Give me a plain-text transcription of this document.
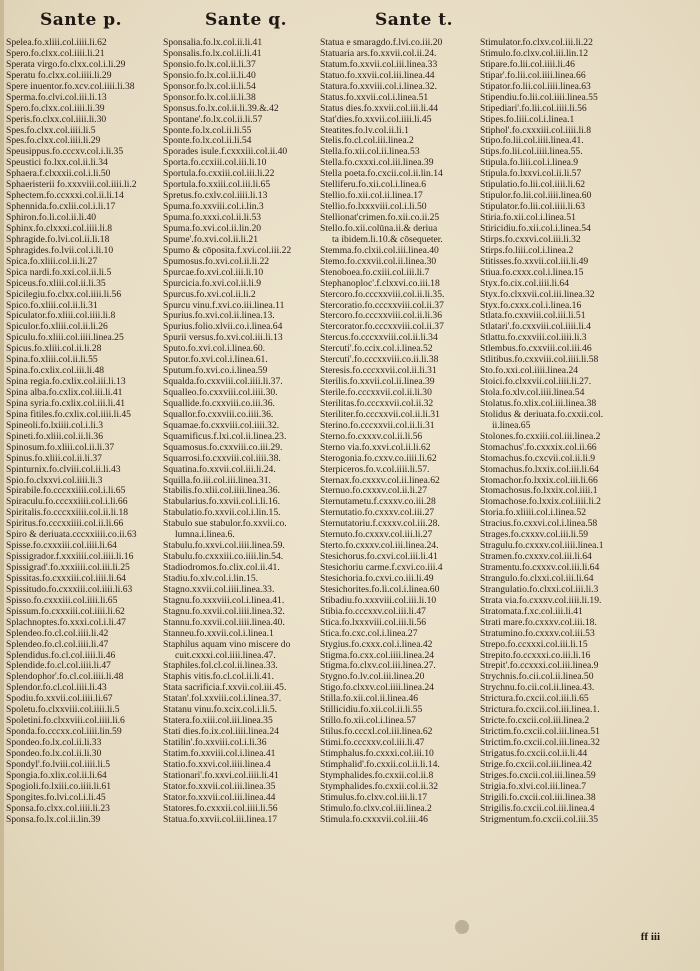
Sante p.	Sante q.	Sante t.
Spelea.fo.xliii.col.iiii.li.62
Spero.fo.clxx.col.iiii.li.21
Sperata virgo.fo.clxx.col.i.li.29
Speratu fo.clxx.col.iiii.li.29
Spere inuentor.fo.xcv.col.iiii.li.38
Sperma.fo.clvi.col.iii.li.13
Spero.fo.clxx.col.iiii.li.39
Speris.fo.clxx.col.iiii.li.30
Spes.fo.clxx.col.iiii.li.5
Spes.fo.clxx.col.iiii.li.29
Speusippus.fo.cccxv.col.i.li.35
Speustici fo.lxx.col.ii.li.34
Sphaera.f.clxxxii.col.i.li.50
Sphaeristerii fo.xxxviii.col.iiii.li.2
Sphectem.fo.ccxxxi.col.ii.li.14
Sphennida.fo.cxlii.col.i.li.17
Sphiron.fo.li.col.ii.li.40
Sphinx.fo.clxxxi.col.iiii.li.8
Sphragide.fo.lvi.col.ii.li.18
Sphragides.fo.lvii.col.i.li.10
Spica.fo.xliii.col.ii.li.27
Spica nardi.fo.xxi.col.ii.li.5
Spiceus.fo.xliii.col.ii.li.35
Spicilegiu.fo.clxx.col.iiii.li.56
Spico.fo.xliii.col.ii.li.31
Spiculator.fo.xliii.col.iiii.li.8
Spiculor.fo.xliii.col.ii.li.26
Spiculu.fo.xliii.col.iiii.linea.25
Spicus.fo.xliii.col.ii.li.28
Spina.fo.xliii.col.ii.li.55
Spina.fo.cxlix.col.iii.li.48
Spina regia.fo.cxlix.col.iii.li.13
Spina alba.fo.cxlix.col.iii.li.41
Spina syria.fo.cxlix.col.iii.li.41
Spina fitiles.fo.cxlix.col.iiii.li.45
Spineoli.fo.lxiiii.col.i.li.3
Spineti.fo.xliii.col.ii.li.36
Spinosum.fo.xliii.col.ii.li.37
Spinus.fo.xliii.col.ii.li.37
Spinturnix.fo.clviii.col.ii.li.43
Spio.fo.clxxvi.col.iiii.li.3
Spirabile.fo.cccxxiiii.col.i.li.65
Spiraculu.fo.cccxxiiii.col.i.li.66
Spiritalis.fo.cccxxiiii.col.ii.li.18
Spiritus.fo.cccxxiiii.col.ii.li.66
Spiro & deriuata.cccxxiiii.co.ii.63
Spisse.fo.cxxxiii.col.iiii.li.64
Spissigrador.f.xxxiiii.col.iiii.li.16
Spissigrad'.fo.xxxiiii.col.iii.li.25
Spissitas.fo.cxxxiii.col.iiii.li.64
Spissitudo.fo.cxxxiii.col.iiii.li.63
Spisso.fo.cxxxiii.col.iiii.li.65
Spissum.fo.cxxxiii.col.iiii.li.62
Splachnoptes.fo.xxxi.col.i.li.47
Splendeo.fo.cl.col.iiii.li.42
Splendeo.fo.cl.col.iiii.li.47
Splendidus.fo.cl.col.iiii.li.46
Splendide.fo.cl.col.iiii.li.47
Splendophor'.fo.cl.col.iiii.li.48
Splendor.fo.cl.col.iiii.li.43
Spodiu.fo.xxvii.col.iiii.li.67
Spoletu.fo.clxxviii.col.iiii.li.5
Spoletini.fo.clxxviii.col.iiii.li.6
Sponda.fo.cccxx.col.iiii.lin.59
Spondeo.fo.lx.col.ii.li.33
Spondeo.fo.lx.col.ii.li.30
Spondyl'.fo.lviii.col.iiii.li.5
Spongia.fo.xlix.col.ii.li.64
Spogioli.fo.lxiii.co.iiii.li.61
Spongites.fo.lvi.col.i.li.45
Sponsa.fo.clxx.col.iiii.li.23
Sponsa.fo.lx.col.ii.lin.39
Sponsalia.fo.lx.col.ii.li.41
Sponsalis.fo.lx.col.ii.li.41
Sponsio.fo.lx.col.ii.li.37
Sponsio.fo.lx.col.ii.li.40
Sponsor.fo.lx.col.ii.li.54
Sponsor.fo.lx.col.ii.li.38
Sponsus.fo.lx.col.ii.li.39.&.42
Spontane'.fo.lx.col.ii.li.57
Sponte.fo.lx.col.ii.li.55
Sponte.fo.lx.col.ii.li.54
Sporades isule.f.cxxxiii.col.ii.40
Sporta.fo.ccxiii.col.iii.li.10
Sportula.fo.cxxiii.col.iii.li.22
Sportula.fo.xxiii.col.iii.li.65
Spretus.fo.cxlv.col.iiii.li.13
Spuma.fo.xxviii.col.i.lin.3
Spuma.fo.xxxi.col.ii.li.53
Spuma.fo.xvi.col.ii.lin.20
Spume'.fo.xvi.col.ii.li.21
Spumo & cōposita.f.xvi.col.iii.22
Spumosus.fo.xvi.col.ii.li.22
Spurcae.fo.xvi.col.iii.li.10
Spurcicia.fo.xvi.col.ii.li.9
Spurcus.fo.xvi.col.ii.li.2
Spurcu vinu.f.xvi.co.iii.linea.11
Spurius.fo.xvi.col.ii.linea.13.
Spurius.folio.xlvii.co.i.linea.64
Spurii versus.fo.xvi.col.iii.li.13
Sputo.fo.xvi.col.i.linea.60.
Sputor.fo.xvi.col.i.linea.61.
Sputum.fo.xvi.co.i.linea.59
Squalda.fo.cxxviii.col.iiii.li.37.
Squalleo.fo.cxxviii.col.iiii.30.
Squallide.fo.cxxviii.co.iii.36.
Squallor.fo.cxxviii.co.iiii.36.
Squamae.fo.cxxviii.col.iiii.32.
Squamificus.f.lxi.col.ii.linea.23.
Squamosus.fo.cxxviii.co.iii.29.
Squarrosi.fo.cxxviii.col.iiii.38.
Squatina.fo.xxvii.col.iii.li.24.
Squilla.fo.iii.col.iii.linea.31.
Stabilis.fo.xlii.col.iiii.linea.36.
Stabularius.fo.xxvii.col.i.li.16.
Stabulatio.fo.xxvii.col.i.lin.15.
Stabulo sue stabulor.fo.xxvii.co.
lumna.i.linea.6.
Stabulu.fo.xxvi.col.iiii.linea.59.
Stabulu.fo.cxxxiii.co.iiii.lin.54.
Stadiodromos.fo.clix.col.ii.41.
Stadiu.fo.xlv.col.i.lin.15.
Stagno.xxvii.col.iiii.linea.33.
Stagnu.fo.xxxviii.col.i.linea.41.
Stagnu.fo.xxvii.col.iiii.linea.32.
Stannu.fo.xxvii.col.iiii.linea.40.
Stanneu.fo.xxvii.col.i.linea.1
Staphilus aquam vino miscere do
cuit.cxxxi.col.iiii.linea.47.
Staphiles.fol.cl.col.ii.linea.33.
Staphis vitis.fo.cl.col.ii.li.41.
Stata sacrificia.f.xxvii.col.iii.45.
Statan'.fol.xxviii.col.i.linea.37.
Statanu vinu.fo.xcix.col.i.li.5.
Statera.fo.xiii.col.iii.linea.35
Stati dies.fo.ix.col.iiii.linea.24
Statilin'.fo.xxviii.col.i.li.36
Statim.fo.xxviii.col.i.linea.41
Statio.fo.xxvi.col.iiii.linea.4
Stationari'.fo.xxvi.col.iiii.li.41
Stator.fo.xxvii.col.iii.linea.35
Stator.fo.xxvii.col.iii.linea.44
Statores.fo.cxxxii.col.iiii.li.56
Statua.fo.xxvii.col.iii.linea.17
Statua e smaragdo.f.lvi.co.iii.20
Statuaria ars.fo.xxvii.col.ii.24.
Statum.fo.xxvii.col.iii.linea.33
Statuo.fo.xxvii.col.iii.linea.44
Statura.fo.xxviii.col.i.linea.32.
Status.fo.xxvii.col.i.linea.51
Status dies.fo.xxvii.col.iii.li.44
Stat'dies.fo.xxvii.col.iiii.li.45
Steatites.fo.lv.col.ii.li.1
Stelis.fo.cl.col.iii.linea.2
Stella.fo.xii.col.ii.linea.53
Stella.fo.cxxxi.col.iii.linea.39
Stella poeta.fo.cxcii.col.ii.lin.14
Stelliferu.fo.xii.col.i.linea.6
Stellio.fo.xii.col.ii.linea.17
Stellio.fo.lxxxviii.col.i.li.50
Stellionat'crimen.fo.xii.co.ii.25
Stello.fo.xii.colūna.ii.& deriua
ta ibidem.li.10.& cōsequeter.
Stemma.fo.clxii.col.iii.linea.40
Stemo.fo.cxxvii.col.ii.linea.30
Stenoboea.fo.cxiii.col.iii.li.7
Stephanoploc'.f.clxxvi.co.iii.18
Stercoro.fo.cccxxviii.col.ii.li.35.
Stercoratio.fo.cccxxviii.col.ii.37
Stercoro.fo.cccxxviii.col.ii.li.36
Stercorator.fo.cccxxviii.col.ii.37
Stercus.fo.cccxxviii.col.ii.li.34
Stercuti'.fo.ccix.col.i.linea.52
Stercuti'.fo.cccxxviii.co.ii.li.38
Steresis.fo.cccxxvii.col.ii.li.31
Sterilis.fo.xxvii.col.ii.linea.39
Sterile.fo.cccxxvii.col.ii.li.30
Sterilitas.fo.cccxxvii.col.ii.32
Steriliter.fo.cccxxvii.col.ii.li.31
Sterino.fo.cccxxvii.col.ii.li.31
Sterno.fo.cxxxv.col.ii.li.56
Sterno via.fo.xxvi.col.ii.li.62
Sterogonia.fo.cxxv.co.iiii.li.62
Sterpiceros.fo.v.col.iiii.li.57.
Sternax.fo.cxxxv.col.ii.linea.62
Sternuo.fo.cxxxv.col.ii.li.27
Sternutametu.f.cxxxv.co.iii.28
Sternutatio.fo.cxxxv.col.iii.27
Sternutatoriu.f.cxxxv.col.iii.28.
Sternuto.fo.cxxxv.col.iii.li.27
Sterto.fo.cxxxv.col.iii.linea.24.
Stesichorus.fo.cxvi.col.iii.li.41
Stesichoriu carme.f.cxvi.co.iii.4
Stesichoria.fo.cxvi.co.iii.li.49
Stesichorites.fo.li.col.i.linea.60
Stibadiu.fo.xxxviii.col.iii.li.10
Stibia.fo.cccxxv.col.iii.li.47
Stica.fo.lxxxviii.col.iii.li.56
Stica.fo.cxc.col.i.linea.27
Stygius.fo.cxxx.col.i.linea.42
Stigma.fo.cxx.col.iiii.linea.24
Stigma.fo.clxv.col.iii.linea.27.
Stygno.fo.lv.col.iii.linea.20
Stigo.fo.clxxv.col.iiii.linea.24
Stilla.fo.xii.col.ii.linea.46
Stillicidiu.fo.xii.col.ii.li.55
Stillo.fo.xii.col.i.linea.57
Stilus.fo.cccxl.col.iii.linea.62
Stimi.fo.cccxxv.col.iii.li.47
Stimphalus.fo.cxxxi.col.iii.10
Stimphalid'.fo.cxxii.col.ii.li.14.
Stymphalides.fo.cxxii.col.ii.8
Stymphalides.fo.cxxii.col.ii.32
Stimulus.fo.clxv.col.iii.li.17
Stimulo.fo.clxv.col.iii.linea.2
Stimula.fo.cxxxvii.col.iii.46
Stimulator.fo.clxv.col.iii.li.22
Stimulo.fo.clxv.col.iii.lin.12
Stipare.fo.lii.col.iiii.li.46
Stipar'.fo.lii.col.iiii.linea.66
Stipator.fo.lii.col.iiii.linea.63
Stipendiu.fo.lii.col.iiii.linea.55
Stipediari'.fo.lii.col.iiii.li.56
Stipes.fo.liii.col.i.linea.1
Stiphol'.fo.cxxxiii.col.iiii.li.8
Stipo.fo.lii.col.iiii.linea.41.
Stips.fo.lii.col.iiii.linea.55.
Stipula.fo.liii.col.i.linea.9
Stipula.fo.lxxvi.col.ii.li.57
Stipulatio.fo.lii.col.iiii.li.62
Stipulor.fo.lii.col.iiii.linea.60
Stipulator.fo.lii.col.iiii.li.63
Stiria.fo.xii.col.i.linea.51
Stiricidiu.fo.xii.col.i.linea.54
Stirps.fo.cxxvi.col.iii.li.32
Stirps.fo.liii.col.i.linea.2
Stitisses.fo.xxvii.col.iii.li.49
Stiua.fo.cxxx.col.i.linea.15
Styx.fo.cix.col.iiii.li.64
Styx.fo.clxxvii.col.iii.linea.32
Styx.fo.cxxx.col.i.linea.16
Stlata.fo.cxxviii.col.iii.li.51
Stlatari'.fo.cxxviii.col.iiii.li.4
Stlattu.fo.cxxviii.col.iiii.li.3
Stlembus.fo.cxxviii.col.iii.46
Stlitibus.fo.cxxviii.col.iiii.li.58
Sto.fo.xxi.col.iiii.linea.24
Stoici.fo.clxxvii.col.iiii.li.27.
Stola.fo.xlv.col.iiii.linea.54
Stolatus.fo.xlix.col.iii.linea.38
Stolidus & deriuata.fo.cxxii.col.
ii.linea.65
Stolones.fo.cxxiii.col.iii.linea.2
Stomachus'.fo.cxxxix.col.ii.66
Stomachus.fo.cxcvii.col.ii.li.9
Stomachus.fo.lxxix.col.iii.li.64
Stomachor.fo.lxxix.col.iii.li.66
Stomachosus.fo.lxxix.col.iiii.1
Stomachose.fo.lxxix.col.iiii.li.2
Storia.fo.xliiii.col.i.linea.52
Stracius.fo.cxxvi.col.i.linea.58
Strages.fo.cxxxv.col.iii.li.59
Stragulu.fo.cxxxv.col.iiii.linea.1
Stramen.fo.cxxxv.col.iii.li.64
Stramentu.fo.cxxxv.col.iii.li.64
Strangulo.fo.clxxi.col.iii.li.64
Strangulatio.fo.clxxi.col.iii.li.3
Strata via.fo.cxxxv.col.iiii.li.19.
Stratomata.f.xc.col.iii.li.41
Strati mare.fo.cxxxv.col.iii.18.
Stratumino.fo.cxxxv.col.iii.53
Strepo.fo.ccxxxi.col.iii.li.15
Strepito.fo.ccxxxi.co.iii.li.16
Strepit'.fo.ccxxxi.col.iii.linea.9
Strychnis.fo.cii.col.ii.linea.50
Strychnu.fo.cii.col.ii.linea.43.
Strictura.fo.cxcii.col.iii.li.65
Strictura.fo.cxcii.col.iii.linea.1.
Stricte.fo.cxcii.col.iii.linea.2
Strictim.fo.cxcii.col.iii.linea.51
Strictim.fo.cxcii.col.iii.linea.32
Strigatus.fo.cxcii.col.ii.li.44
Strige.fo.cxcii.col.iii.linea.42
Striges.fo.cxcii.col.iii.linea.59
Strigia.fo.xlvi.col.iii.linea.7
Strigili.fo.cxcii.col.iii.linea.38
Strigilis.fo.cxcii.col.iii.linea.4
Strigmentum.fo.cxcii.col.iii.35
ff iii
